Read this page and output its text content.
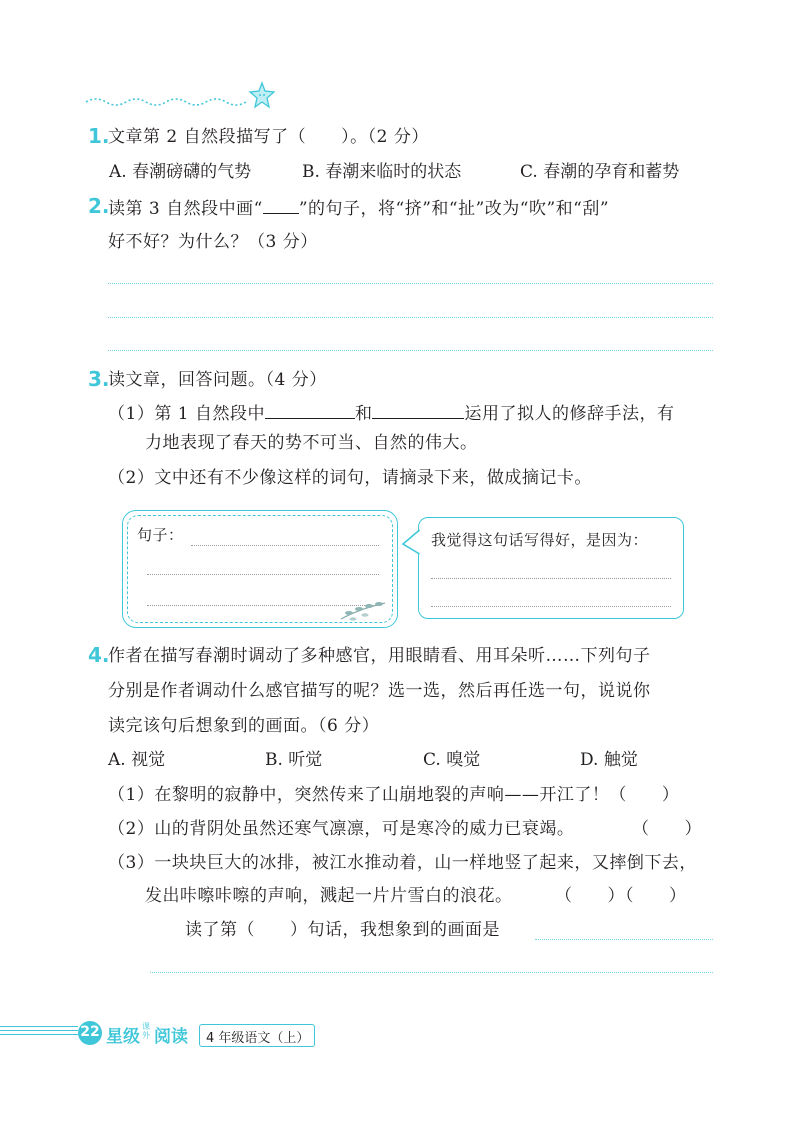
1.
文章第 2 自然段描写了（　　）。（2 分）
A. 春潮磅礴的气势	B. 春潮来临时的状态	C. 春潮的孕育和蓄势
2.
读第 3 自然段中画“ ”的句子，将“挤”和“扯”改为“吹”和“刮”
好不好？为什么？（3 分）
3.
读文章，回答问题。（4 分）
（1）第 1 自然段中	和	运用了拟人的修辞手法，有
力地表现了春天的势不可当、自然的伟大。
（2）文中还有不少像这样的词句，请摘录下来，做成摘记卡。
句子：	我觉得这句话写得好，是因为：
4.
作者在描写春潮时调动了多种感官，用眼睛看、用耳朵听……下列句子
分别是作者调动什么感官描写的呢？选一选，然后再任选一句，说说你
读完该句后想象到的画面。（6 分）
A. 视觉	B. 听觉	C. 嗅觉	D. 触觉
（1）在黎明的寂静中，突然传来了山崩地裂的声响——开江了！（　　）
（2）山的背阴处虽然还寒气凛凛，可是寒冷的威力已衰竭。	（　　）
（3）一块块巨大的冰排，被江水推动着，山一样地竖了起来，又摔倒下去，
发出咔嚓咔嚓的声响，溅起一片片雪白的浪花。	（　　）（　　）
读了第（　　）句话，我想象到的画面是
22 星级
课外 阅读 4 年级语文（上）
